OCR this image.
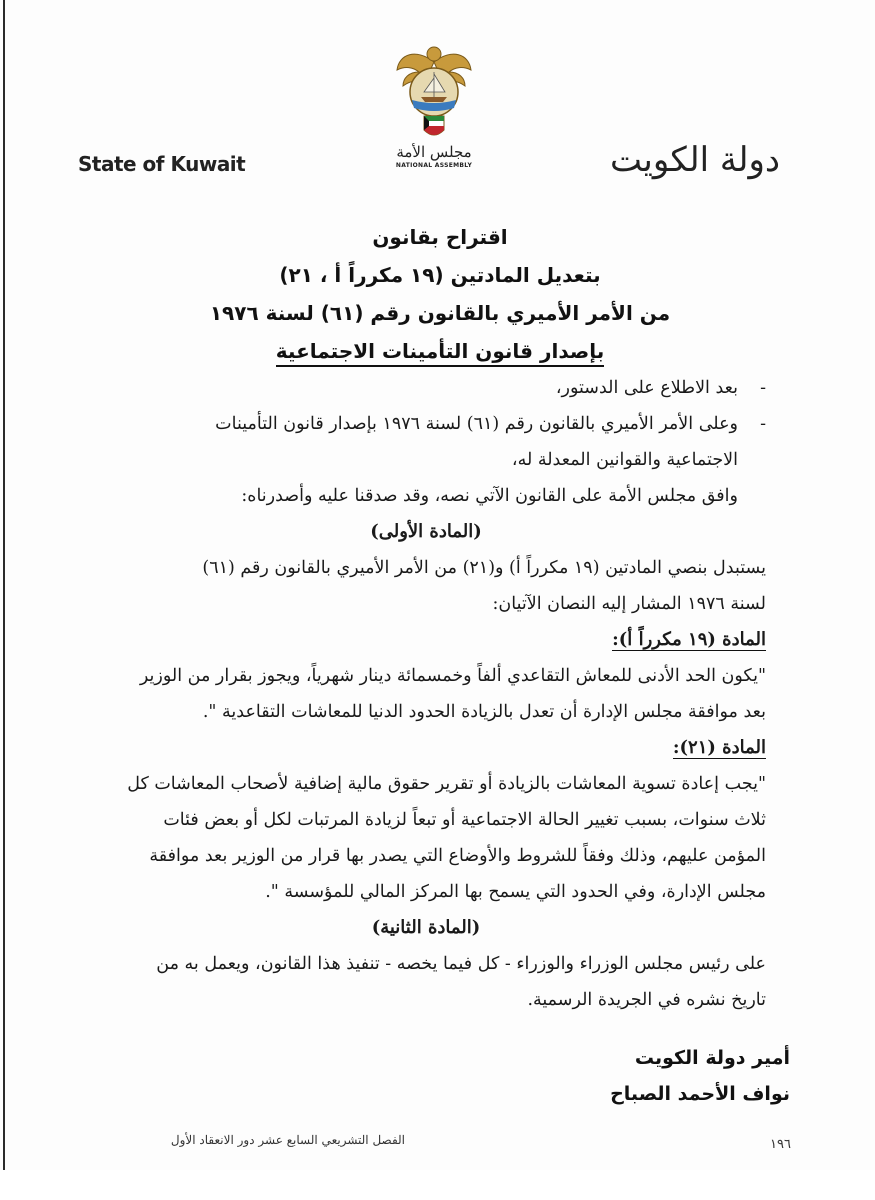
State of Kuwait	دولة الكويت
مجلس الأمة
NATIONAL ASSEMBLY
اقتراح بقانون
بتعديل المادتين (١٩ مكرراً أ ، ٢١)
من الأمر الأميري بالقانون رقم (٦١) لسنة ١٩٧٦
بإصدار قانون التأمينات الاجتماعية
-بعد الاطلاع على الدستور،
-وعلى الأمر الأميري بالقانون رقم (٦١) لسنة ١٩٧٦ بإصدار قانون التأمينات
الاجتماعية والقوانين المعدلة له،
وافق مجلس الأمة على القانون الآتي نصه، وقد صدقنا عليه وأصدرناه:
(المادة الأولى)
يستبدل بنصي المادتين (١٩ مكرراً أ) و(٢١) من الأمر الأميري بالقانون رقم (٦١)
لسنة ١٩٧٦ المشار إليه النصان الآتيان:
المادة (١٩ مكرراً أ):
"يكون الحد الأدنى للمعاش التقاعدي ألفاً وخمسمائة دينار شهرياً، ويجوز بقرار من الوزير
بعد موافقة مجلس الإدارة أن تعدل بالزيادة الحدود الدنيا للمعاشات التقاعدية ".
المادة (٢١):
"يجب إعادة تسوية المعاشات بالزيادة أو تقرير حقوق مالية إضافية لأصحاب المعاشات كل
ثلاث سنوات، بسبب تغيير الحالة الاجتماعية أو تبعاً لزيادة المرتبات لكل أو بعض فئات
المؤمن عليهم، وذلك وفقاً للشروط والأوضاع التي يصدر بها قرار من الوزير بعد موافقة
مجلس الإدارة، وفي الحدود التي يسمح بها المركز المالي للمؤسسة ".
(المادة الثانية)
على رئيس مجلس الوزراء والوزراء - كل فيما يخصه - تنفيذ هذا القانون، ويعمل به من
تاريخ نشره في الجريدة الرسمية.
أمير دولة الكويت
نواف الأحمد الصباح
١٩٦
الفصل التشريعي السابع عشر دور الانعقاد الأول
